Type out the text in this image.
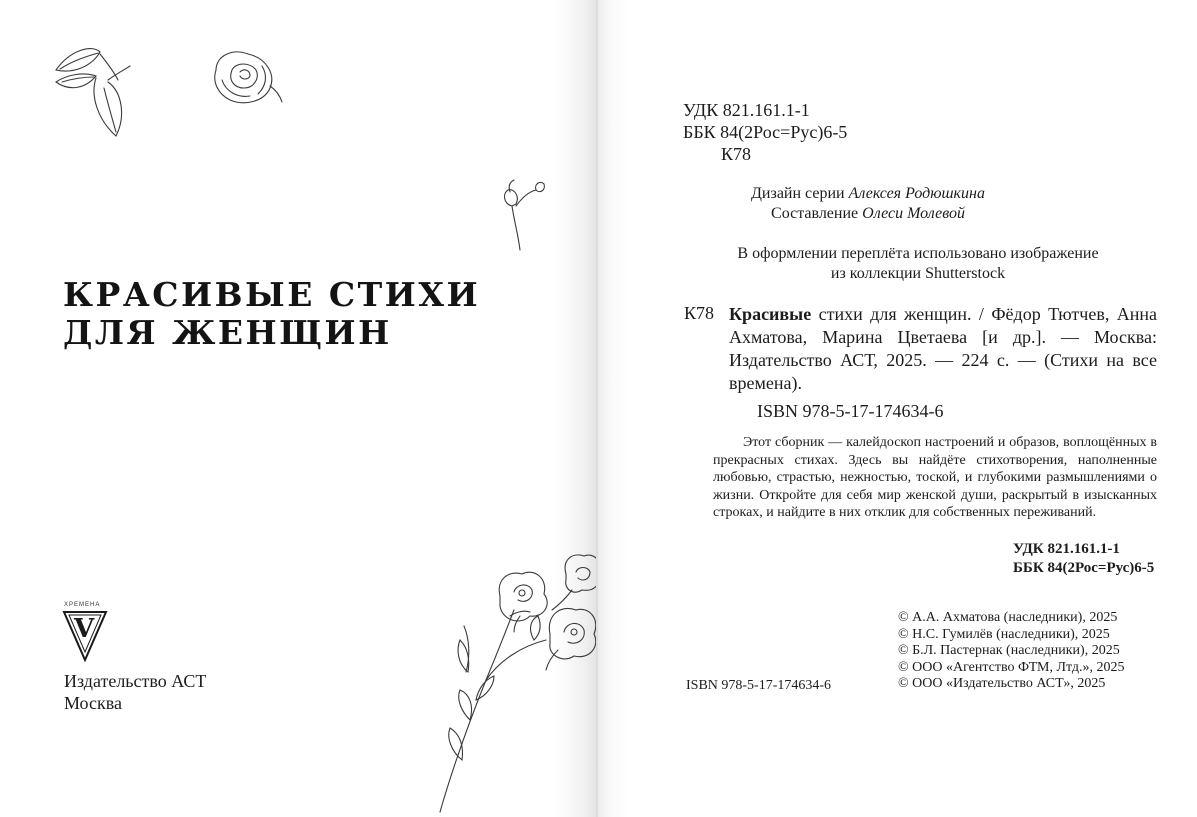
КРАСИВЫЕ СТИХИ
ДЛЯ ЖЕНЩИН
ХРЕМЕНА
V
Издательство АСТ
Москва
УДК 821.161.1-1
ББК 84(2Рос=Рус)6-5
К78
Дизайн серии Алексея Родюшкина
Составление Олеси Молевой
В оформлении переплёта использовано изображение
из коллекции Shutterstock
К78 Красивые стихи для женщин. / Фёдор Тютчев, Анна Ахматова, Марина Цветаева [и др.]. — Москва: Издательство АСТ, 2025. — 224 с. — (Стихи на все времена).
ISBN 978-5-17-174634-6
Этот сборник — калейдоскоп настроений и образов, воплощённых в прекрасных стихах. Здесь вы найдёте стихотворения, наполненные любовью, страстью, нежностью, тоской, и глубокими размышлениями о жизни. Откройте для себя мир женской души, раскрытый в изысканных строках, и найдите в них отклик для собственных переживаний.
УДК 821.161.1-1
ББК 84(2Рос=Рус)6-5
© А.А. Ахматова (наследники), 2025
© Н.С. Гумилёв (наследники), 2025
© Б.Л. Пастернак (наследники), 2025
© ООО «Агентство ФТМ, Лтд.», 2025
© ООО «Издательство АСТ», 2025
ISBN 978-5-17-174634-6
